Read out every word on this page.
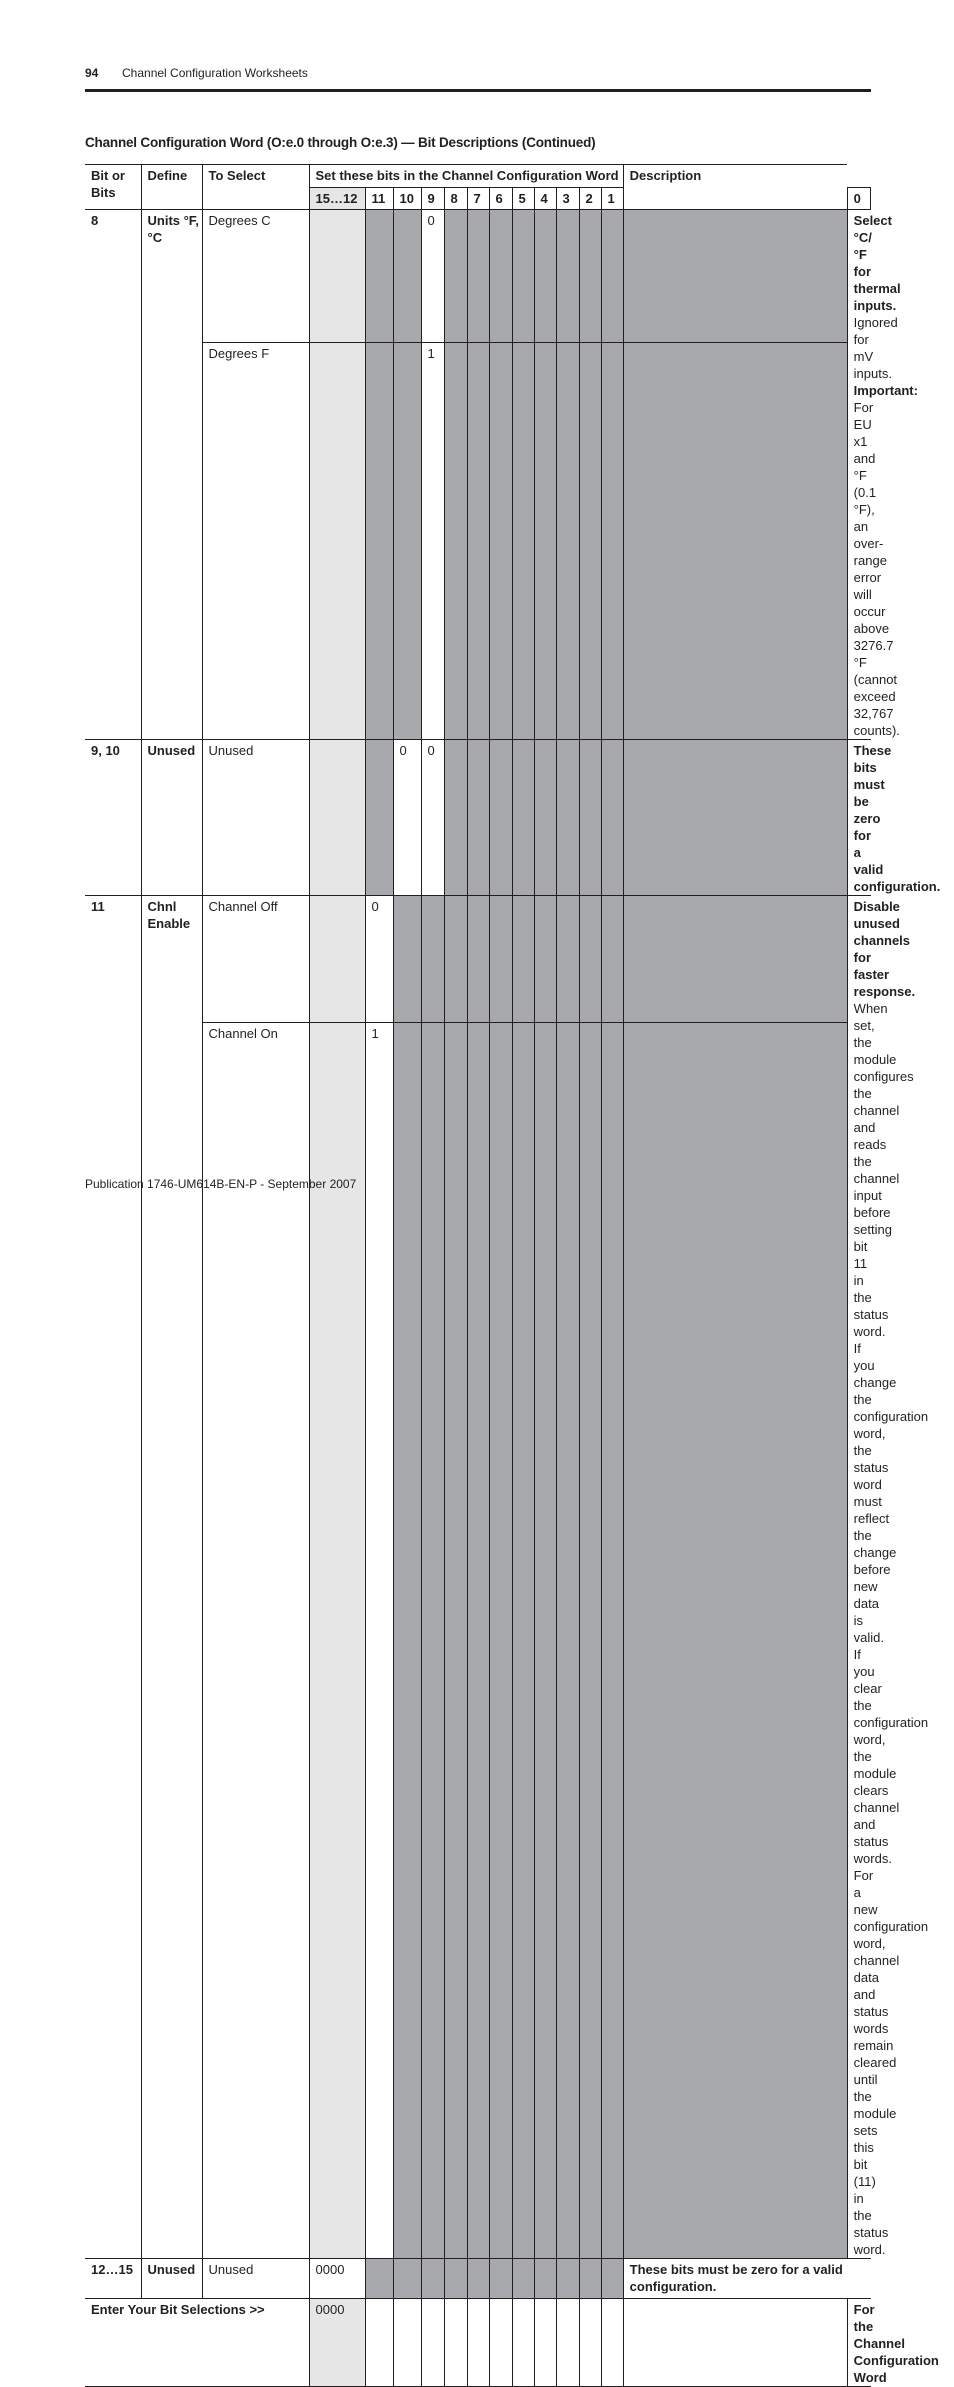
94 Channel Configuration Worksheets
Channel Configuration Word (O:e.0 through O:e.3) — Bit Descriptions (Continued)
Bit or Bits	Define	To Select	Set these bits in the Channel Configuration Word												Description	
			15…12	11	10	9	8	7	6	5	4	3	2	1		0
8	Units °F, °C	Degrees C				0										Select °C/°F for thermal inputs.
Ignored for mV inputs. Important: For EU x1 and °F (0.1 °F), an over-range error will occur above 3276.7 °F (cannot exceed 32,767 counts).
		Degrees F				1										
9, 10	Unused	Unused			0	0										These bits must be zero for a valid configuration.
11	Chnl Enable	Channel Off		0												Disable unused channels for faster response. When set, the module configures the channel and reads the channel input before setting bit 11 in the status word. If you change the configuration word, the status word must reflect the change before new data is valid. If you clear the configuration word, the module clears channel and status words. For a new configuration word, channel data and status words remain cleared until the module sets this bit (11) in the status word.
		Channel On		1												
12…15	Unused	Unused	0000												These bits must be zero for a valid configuration.	
Enter Your Bit Selections >>			0000													For the Channel Configuration Word
Publication 1746-UM614B-EN-P - September 2007
